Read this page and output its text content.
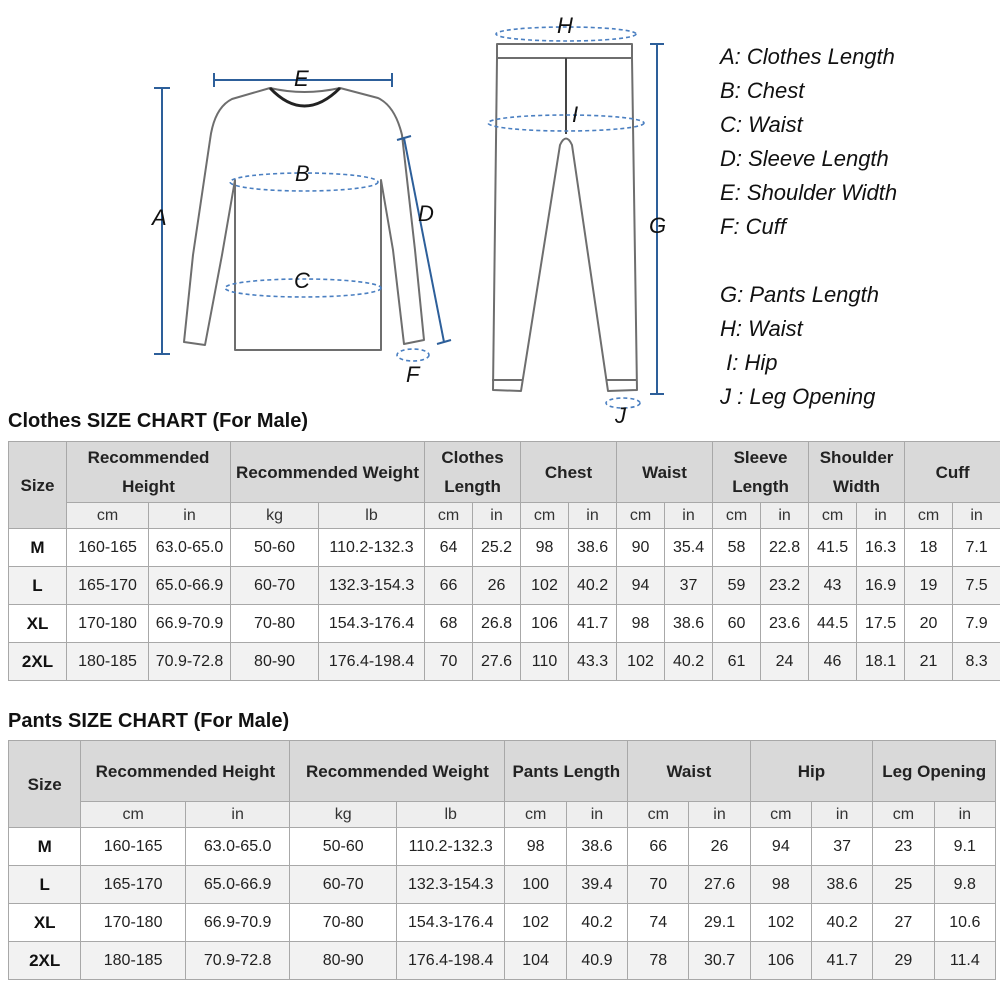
A
B
C
D
E
F
G
H
I
J
A: Clothes Length
B: Chest
C: Waist
D: Sleeve Length
E: Shoulder Width
F: Cuff
G: Pants Length
H: Waist
I: Hip
J : Leg Opening
Clothes SIZE CHART (For Male)
Size	Recommended Height		Recommended Weight		Clothes Length		Chest		Waist		Sleeve Length		Shoulder Width		Cuff	
	cm	in	kg	lb	cm	in	cm	in	cm	in	cm	in	cm	in	cm	in
M	160-165	63.0-65.0	50-60	110.2-132.3	64	25.2	98	38.6	90	35.4	58	22.8	41.5	16.3	18	7.1
L	165-170	65.0-66.9	60-70	132.3-154.3	66	26	102	40.2	94	37	59	23.2	43	16.9	19	7.5
XL	170-180	66.9-70.9	70-80	154.3-176.4	68	26.8	106	41.7	98	38.6	60	23.6	44.5	17.5	20	7.9
2XL	180-185	70.9-72.8	80-90	176.4-198.4	70	27.6	110	43.3	102	40.2	61	24	46	18.1	21	8.3
Pants SIZE CHART (For Male)
Size	Recommended Height		Recommended Weight		Pants Length		Waist		Hip		Leg Opening	
	cm	in	kg	lb	cm	in	cm	in	cm	in	cm	in
M	160-165	63.0-65.0	50-60	110.2-132.3	98	38.6	66	26	94	37	23	9.1
L	165-170	65.0-66.9	60-70	132.3-154.3	100	39.4	70	27.6	98	38.6	25	9.8
XL	170-180	66.9-70.9	70-80	154.3-176.4	102	40.2	74	29.1	102	40.2	27	10.6
2XL	180-185	70.9-72.8	80-90	176.4-198.4	104	40.9	78	30.7	106	41.7	29	11.4
